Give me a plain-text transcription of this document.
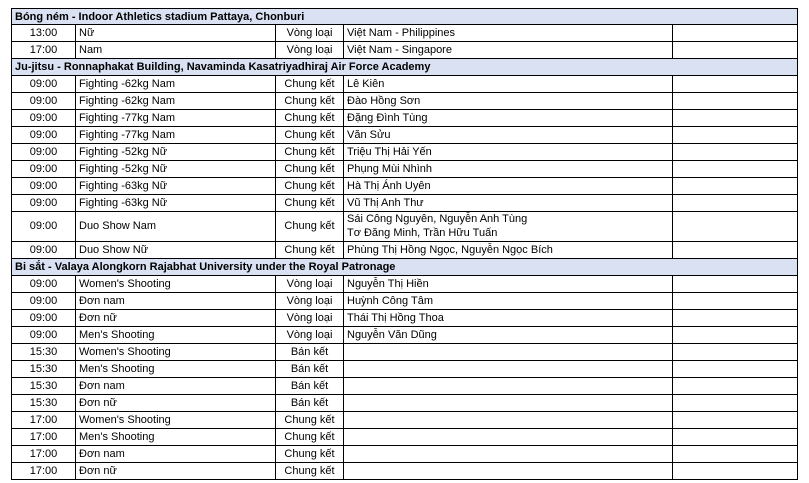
Bóng ném - Indoor Athletics stadium Pattaya, Chonburi
13:00	Nữ	Vòng loại	Việt Nam - Philippines
17:00	Nam	Vòng loại	Việt Nam - Singapore
Ju-jitsu - Ronnaphakat Building, Navaminda Kasatriyadhiraj Air Force Academy
09:00	Fighting -62kg Nam	Chung kết	Lê Kiên
09:00	Fighting -62kg Nam	Chung kết	Đào Hồng Sơn
09:00	Fighting -77kg Nam	Chung kết	Đặng Đình Tùng
09:00	Fighting -77kg Nam	Chung kết	Văn Sửu
09:00	Fighting -52kg Nữ	Chung kết	Triệu Thị Hải Yến
09:00	Fighting -52kg Nữ	Chung kết	Phụng Mùi Nhình
09:00	Fighting -63kg Nữ	Chung kết	Hà Thị Ánh Uyên
09:00	Fighting -63kg Nữ	Chung kết	Vũ Thị Anh Thư
09:00	Duo Show Nam	Chung kết
Sái Công Nguyên, Nguyễn Anh Tùng
Tơ Đăng Minh, Trần Hữu Tuấn
09:00	Duo Show Nữ	Chung kết	Phùng Thị Hồng Ngọc, Nguyễn Ngọc Bích
Bi sắt - Valaya Alongkorn Rajabhat University under the Royal Patronage
09:00	Women's Shooting	Vòng loại	Nguyễn Thị Hiền
09:00	Đơn nam	Vòng loại	Huỳnh Công Tâm
09:00	Đơn nữ	Vòng loại	Thái Thị Hồng Thoa
09:00	Men's Shooting	Vòng loại	Nguyễn Văn Dũng
15:30	Women's Shooting	Bán kết
15:30	Men's Shooting	Bán kết
15:30	Đơn nam	Bán kết
15:30	Đơn nữ	Bán kết
17:00	Women's Shooting	Chung kết
17:00	Men's Shooting	Chung kết
17:00	Đơn nam	Chung kết
17:00	Đơn nữ	Chung kết
